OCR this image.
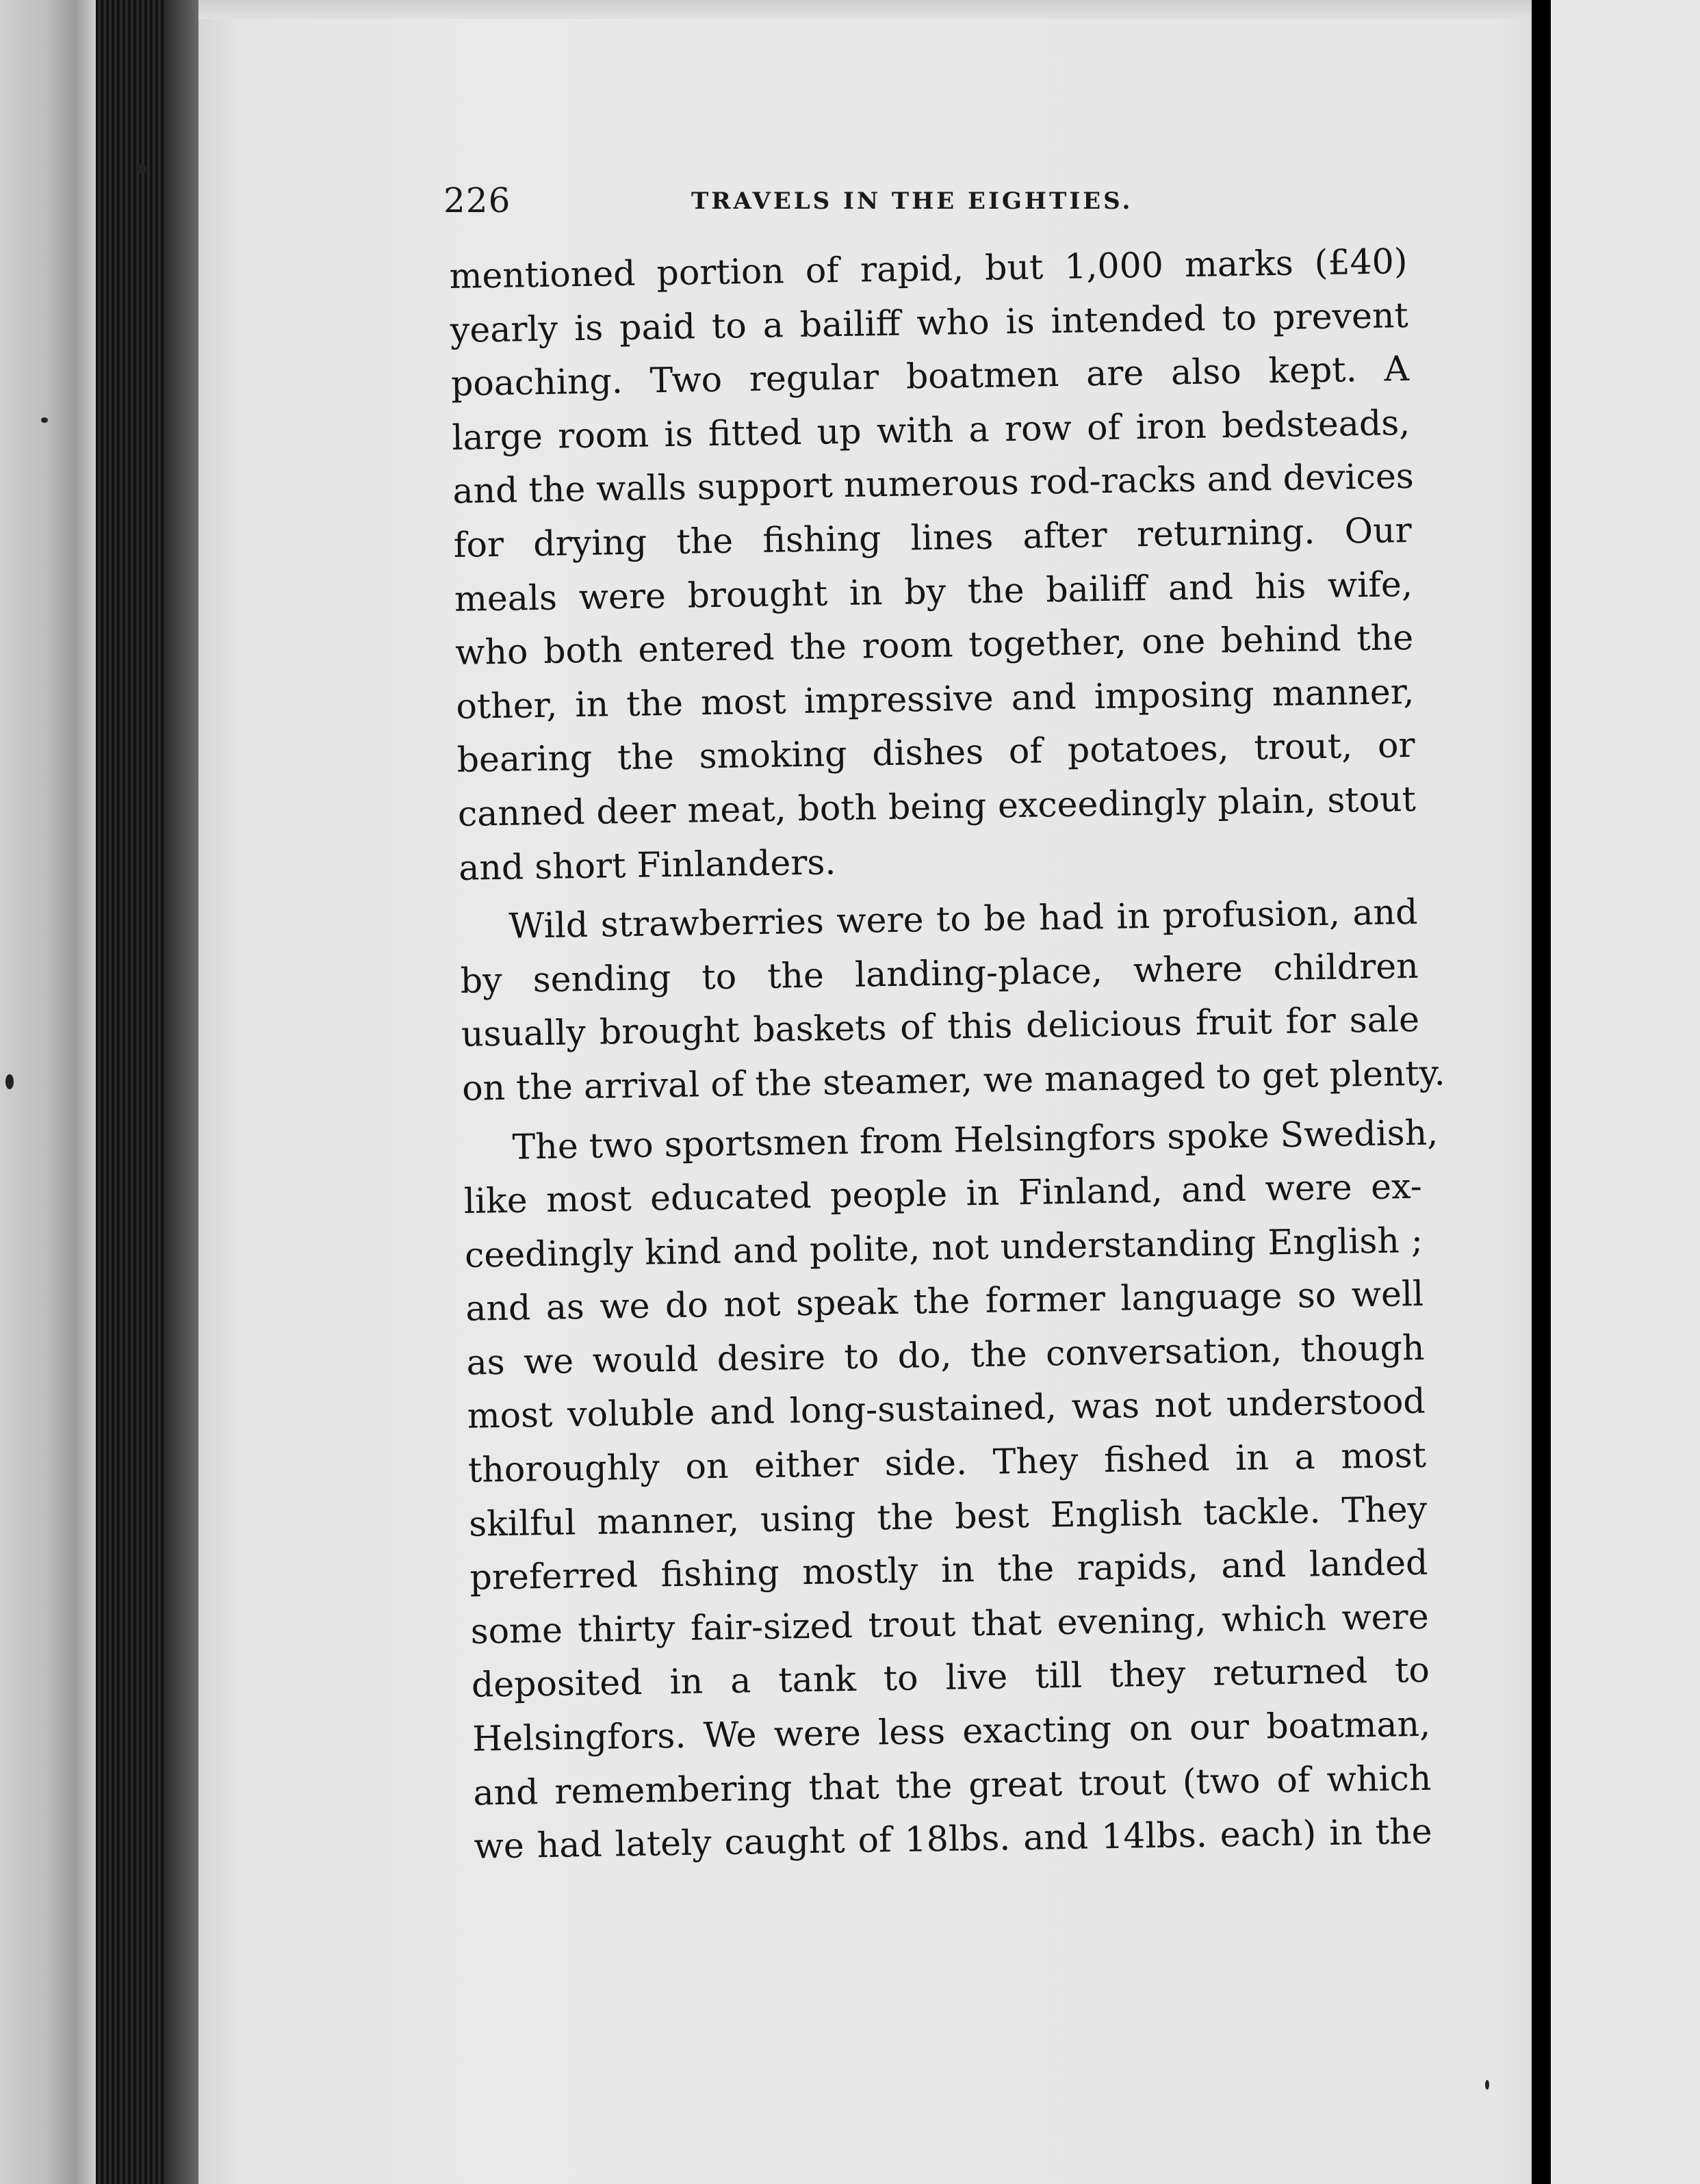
226	TRAVELS IN THE EIGHTIES.
mentioned portion of rapid, but 1,000 marks (£40)
yearly is paid to a bailiff who is intended to prevent
poaching. Two regular boatmen are also kept. A
large room is fitted up with a row of iron bedsteads,
and the walls support numerous rod-racks and devices
for drying the fishing lines after returning. Our
meals were brought in by the bailiff and his wife,
who both entered the room together, one behind the
other, in the most impressive and imposing manner,
bearing the smoking dishes of potatoes, trout, or
canned deer meat, both being exceedingly plain, stout
and short Finlanders.
Wild strawberries were to be had in profusion, and
by sending to the landing-place, where children
usually brought baskets of this delicious fruit for sale
on the arrival of the steamer, we managed to get plenty.
The two sportsmen from Helsingfors spoke Swedish,
like most educated people in Finland, and were ex-
ceedingly kind and polite, not understanding English ;
and as we do not speak the former language so well
as we would desire to do, the conversation, though
most voluble and long-sustained, was not understood
thoroughly on either side. They fished in a most
skilful manner, using the best English tackle. They
preferred fishing mostly in the rapids, and landed
some thirty fair-sized trout that evening, which were
deposited in a tank to live till they returned to
Helsingfors. We were less exacting on our boatman,
and remembering that the great trout (two of which
we had lately caught of 18lbs. and 14lbs. each) in the
